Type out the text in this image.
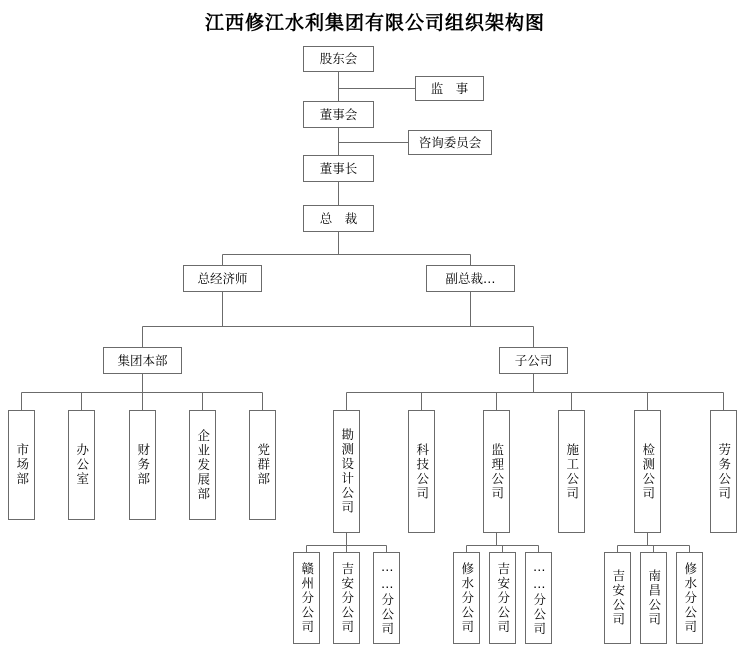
江西修江水利集团有限公司组织架构图
股东会
监　事
董事会
咨询委员会
董事长
总　裁
总经济师	副总裁…
集团本部	子公司
市场部	办公室	财务部	企业发展部	党群部	勘测设计公司	科技公司	监理公司	施工公司	检测公司	劳务公司
赣州分公司	吉安分公司	……分公司	修水分公司	吉安分公司	……分公司	吉安公司	南昌公司	修水分公司
